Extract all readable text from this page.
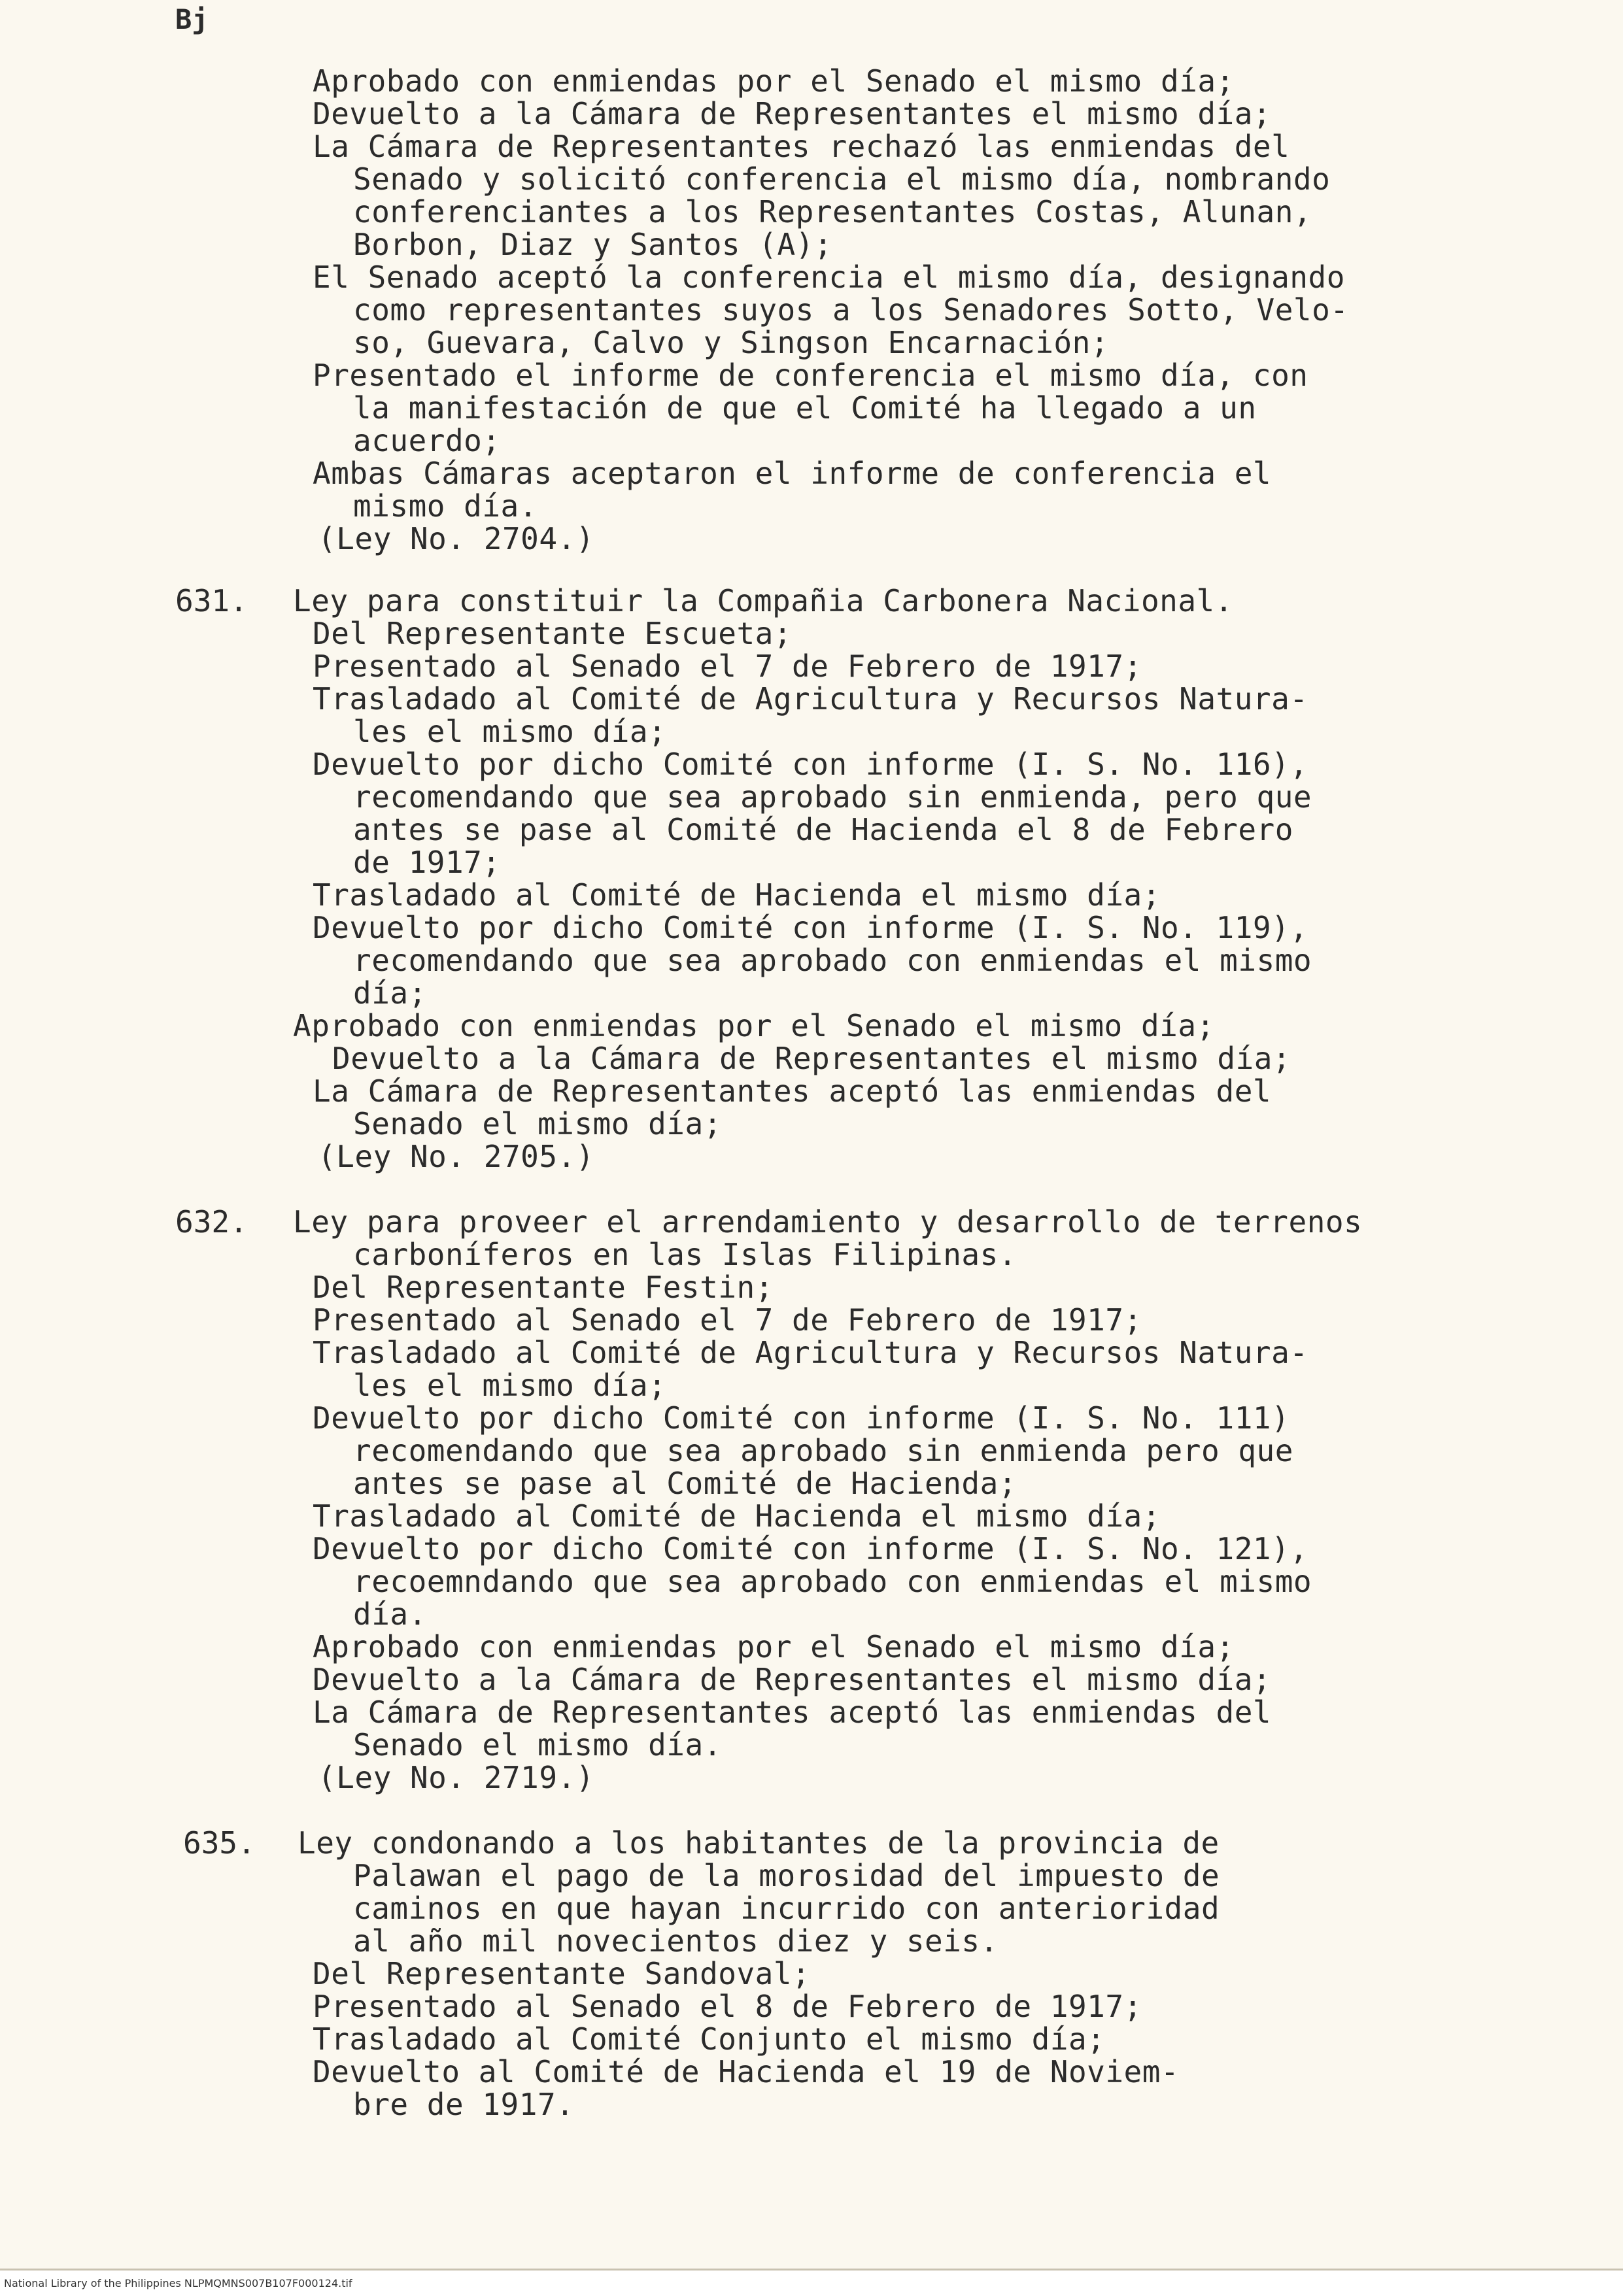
Bj
Aprobado con enmiendas por el Senado el mismo día;
Devuelto a la Cámara de Representantes el mismo día;
La Cámara de Representantes rechazó las enmiendas del
Senado y solicitó conferencia el mismo día, nombrando
conferenciantes a los Representantes Costas, Alunan,
Borbon, Diaz y Santos (A);
El Senado aceptó la conferencia el mismo día, designando
como representantes suyos a los Senadores Sotto, Velo-
so, Guevara, Calvo y Singson Encarnación;
Presentado el informe de conferencia el mismo día, con
la manifestación de que el Comité ha llegado a un
acuerdo;
Ambas Cámaras aceptaron el informe de conferencia el
mismo día.
(Ley No. 2704.)
631. Ley para constituir la Compañia Carbonera Nacional.
Del Representante Escueta;
Presentado al Senado el 7 de Febrero de 1917;
Trasladado al Comité de Agricultura y Recursos Natura-
les el mismo día;
Devuelto por dicho Comité con informe (I. S. No. 116),
recomendando que sea aprobado sin enmienda, pero que
antes se pase al Comité de Hacienda el 8 de Febrero
de 1917;
Trasladado al Comité de Hacienda el mismo día;
Devuelto por dicho Comité con informe (I. S. No. 119),
recomendando que sea aprobado con enmiendas el mismo
día;
Aprobado con enmiendas por el Senado el mismo día;
Devuelto a la Cámara de Representantes el mismo día;
La Cámara de Representantes aceptó las enmiendas del
Senado el mismo día;
(Ley No. 2705.)
632. Ley para proveer el arrendamiento y desarrollo de terrenos
carboníferos en las Islas Filipinas.
Del Representante Festin;
Presentado al Senado el 7 de Febrero de 1917;
Trasladado al Comité de Agricultura y Recursos Natura-
les el mismo día;
Devuelto por dicho Comité con informe (I. S. No. 111)
recomendando que sea aprobado sin enmienda pero que
antes se pase al Comité de Hacienda;
Trasladado al Comité de Hacienda el mismo día;
Devuelto por dicho Comité con informe (I. S. No. 121),
recoemndando que sea aprobado con enmiendas el mismo
día.
Aprobado con enmiendas por el Senado el mismo día;
Devuelto a la Cámara de Representantes el mismo día;
La Cámara de Representantes aceptó las enmiendas del
Senado el mismo día.
(Ley No. 2719.)
635. Ley condonando a los habitantes de la provincia de
Palawan el pago de la morosidad del impuesto de
caminos en que hayan incurrido con anterioridad
al año mil novecientos diez y seis.
Del Representante Sandoval;
Presentado al Senado el 8 de Febrero de 1917;
Trasladado al Comité Conjunto el mismo día;
Devuelto al Comité de Hacienda el 19 de Noviem-
bre de 1917.
National Library of the Philippines NLPMQMNS007B107F000124.tif
